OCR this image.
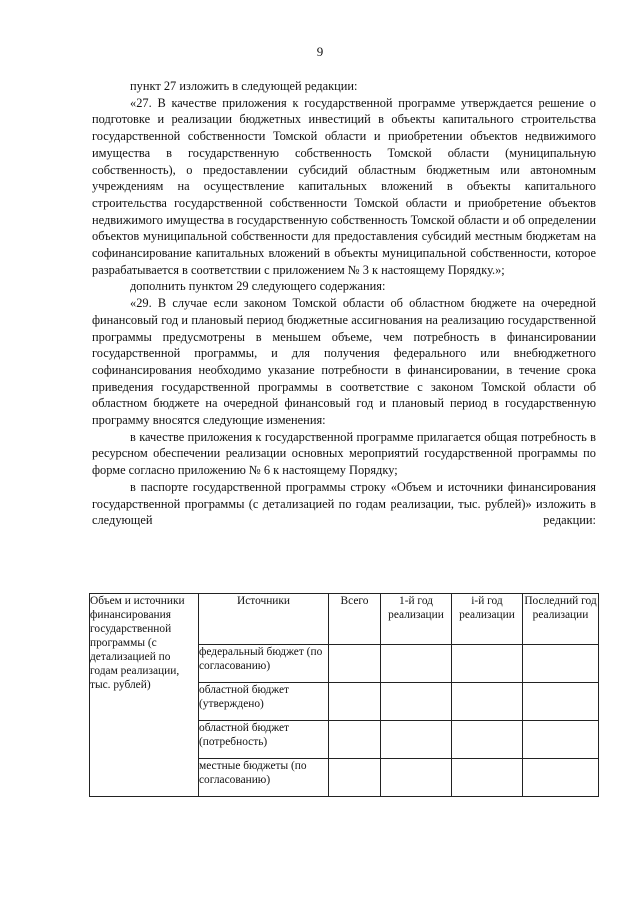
9

пункт 27 изложить в следующей редакции:

«27. В качестве приложения к государственной программе утверждается решение о подготовке и реализации бюджетных инвестиций в объекты капитального строительства государственной собственности Томской области и приобретении объектов недвижимого имущества в государственную собственность Томской области (муниципальную собственность), о предоставлении субсидий областным бюджетным или автономным учреждениям на осуществление капитальных вложений в объекты капитального строительства государственной собственности Томской области и приобретение объектов недвижимого имущества в государственную собственность Томской области и об определении объектов муниципальной собственности для предоставления субсидий местным бюджетам на софинансирование капитальных вложений в объекты муниципальной собственности, которое разрабатывается в соответствии с приложением № 3 к настоящему Порядку.»;

дополнить пунктом 29 следующего содержания:

«29. В случае если законом Томской области об областном бюджете на очередной финансовый год и плановый период бюджетные ассигнования на реализацию государственной программы предусмотрены в меньшем объеме, чем потребность в финансировании государственной программы, и для получения федерального или внебюджетного софинансирования необходимо указание потребности в финансировании, в течение срока приведения государственной программы в соответствие с законом Томской области об областном бюджете на очередной финансовый год и плановый период в государственную программу вносятся следующие изменения:

в качестве приложения к государственной программе прилагается общая потребность в ресурсном обеспечении реализации основных мероприятий государственной программы по форме согласно приложению № 6 к настоящему Порядку;

в паспорте государственной программы строку «Объем и источники финансирования государственной программы (с детализацией по годам реализации, тыс. рублей)» изложить в следующей редакции:

Объем и источники финансирования государственной программы (с детализацией по годам реализации, тыс. рублей)	Источники	Всего	1-й год реализации	i-й год реализации	Последний год реализации
	федеральный бюджет (по согласованию)				
	областной бюджет (утверждено)				
	областной бюджет (потребность)				
	местные бюджеты (по согласованию)				
